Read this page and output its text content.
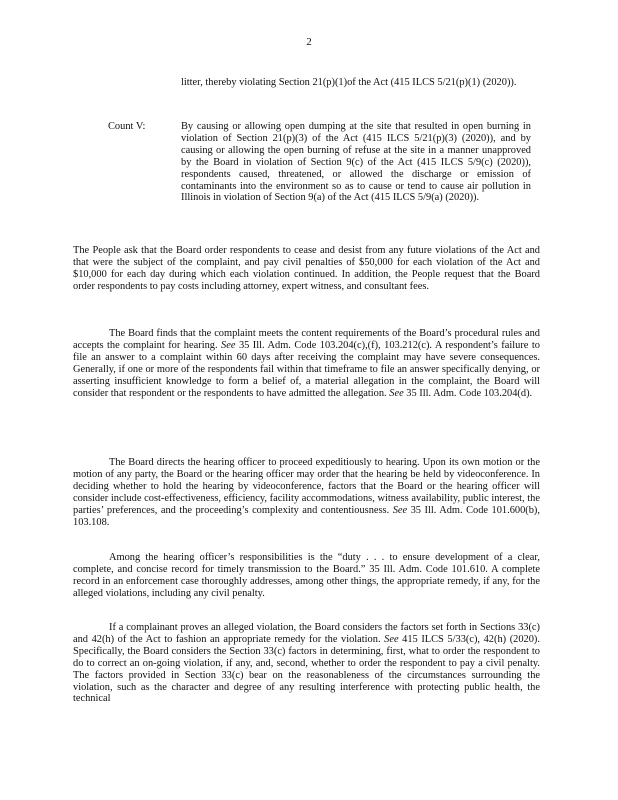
2

litter, thereby violating Section 21(p)(1)of the Act (415 ILCS 5/21(p)(1) (2020)).

Count V:	By causing or allowing open dumping at the site that resulted in open burning in violation of Section 21(p)(3) of the Act (415 ILCS 5/21(p)(3) (2020)), and by causing or allowing the open burning of refuse at the site in a manner unapproved by the Board in violation of Section 9(c) of the Act (415 ILCS 5/9(c) (2020)), respondents caused, threatened, or allowed the discharge or emission of contaminants into the environment so as to cause or tend to cause air pollution in Illinois in violation of Section 9(a) of the Act (415 ILCS 5/9(a) (2020)).

The People ask that the Board order respondents to cease and desist from any future violations of the Act and that were the subject of the complaint, and pay civil penalties of $50,000 for each violation of the Act and $10,000 for each day during which each violation continued. In addition, the People request that the Board order respondents to pay costs including attorney, expert witness, and consultant fees.

The Board finds that the complaint meets the content requirements of the Board’s procedural rules and accepts the complaint for hearing. See 35 Ill. Adm. Code 103.204(c),(f), 103.212(c). A respondent’s failure to file an answer to a complaint within 60 days after receiving the complaint may have severe consequences. Generally, if one or more of the respondents fail within that timeframe to file an answer specifically denying, or asserting insufficient knowledge to form a belief of, a material allegation in the complaint, the Board will consider that respondent or the respondents to have admitted the allegation. See 35 Ill. Adm. Code 103.204(d).

The Board directs the hearing officer to proceed expeditiously to hearing. Upon its own motion or the motion of any party, the Board or the hearing officer may order that the hearing be held by videoconference. In deciding whether to hold the hearing by videoconference, factors that the Board or the hearing officer will consider include cost-effectiveness, efficiency, facility accommodations, witness availability, public interest, the parties’ preferences, and the proceeding’s complexity and contentiousness. See 35 Ill. Adm. Code 101.600(b), 103.108.

Among the hearing officer’s responsibilities is the “duty . . . to ensure development of a clear, complete, and concise record for timely transmission to the Board.” 35 Ill. Adm. Code 101.610. A complete record in an enforcement case thoroughly addresses, among other things, the appropriate remedy, if any, for the alleged violations, including any civil penalty.

If a complainant proves an alleged violation, the Board considers the factors set forth in Sections 33(c) and 42(h) of the Act to fashion an appropriate remedy for the violation. See 415 ILCS 5/33(c), 42(h) (2020). Specifically, the Board considers the Section 33(c) factors in determining, first, what to order the respondent to do to correct an on-going violation, if any, and, second, whether to order the respondent to pay a civil penalty. The factors provided in Section 33(c) bear on the reasonableness of the circumstances surrounding the violation, such as the character and degree of any resulting interference with protecting public health, the technical
